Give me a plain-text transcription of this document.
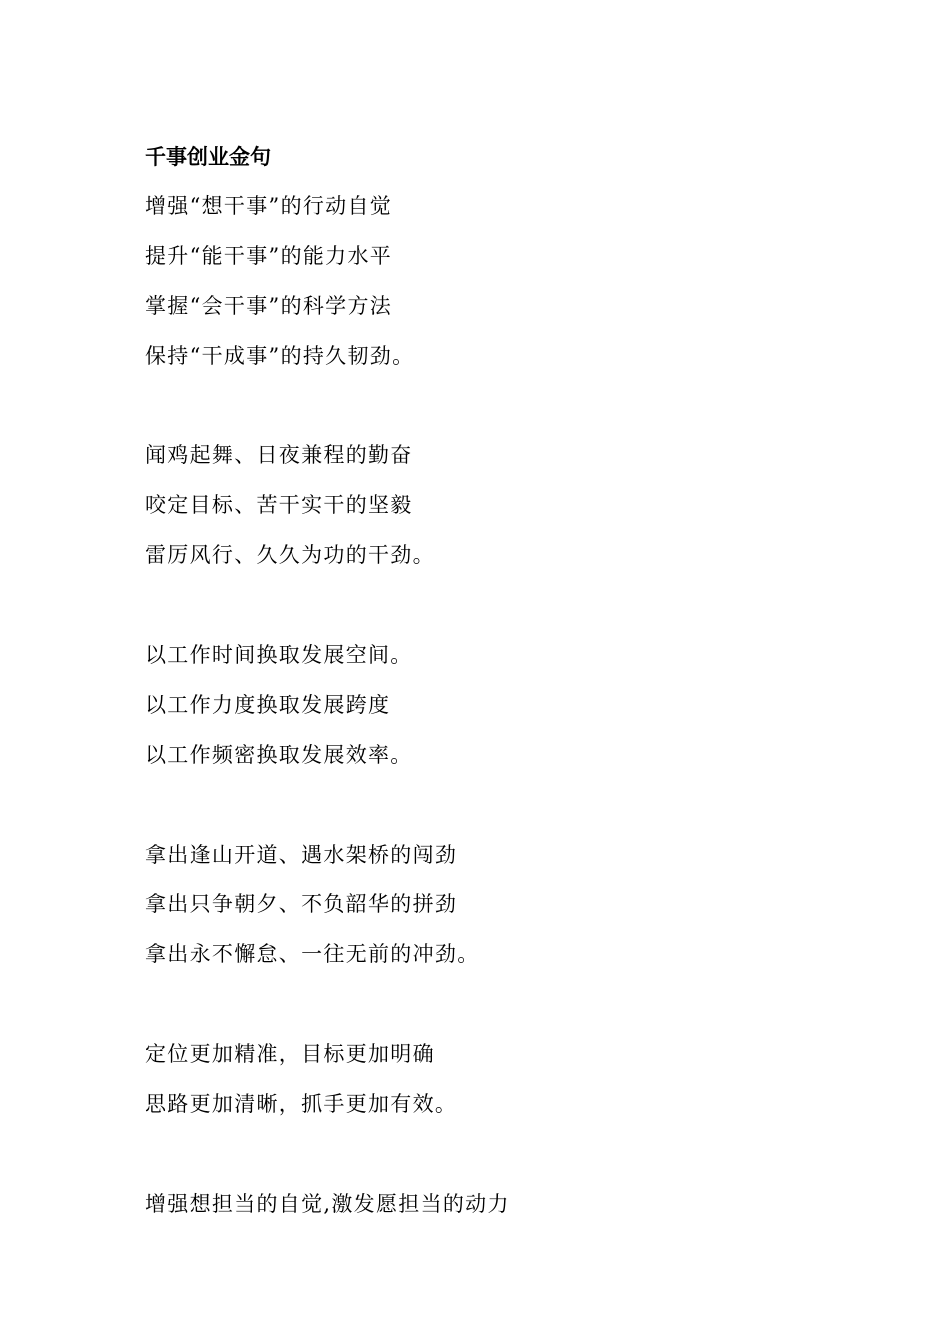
千事创业金句
增强“想干事”的行动自觉
提升“能干事”的能力水平
掌握“会干事”的科学方法
保持“干成事”的持久韧劲。
闻鸡起舞、日夜兼程的勤奋
咬定目标、苦干实干的坚毅
雷厉风行、久久为功的干劲。
以工作时间换取发展空间。
以工作力度换取发展跨度
以工作频密换取发展效率。
拿出逢山开道、遇水架桥的闯劲
拿出只争朝夕、不负韶华的拼劲
拿出永不懈怠、一往无前的冲劲。
定位更加精准，目标更加明确
思路更加清晰，抓手更加有效。
增强想担当的自觉,激发愿担当的动力
